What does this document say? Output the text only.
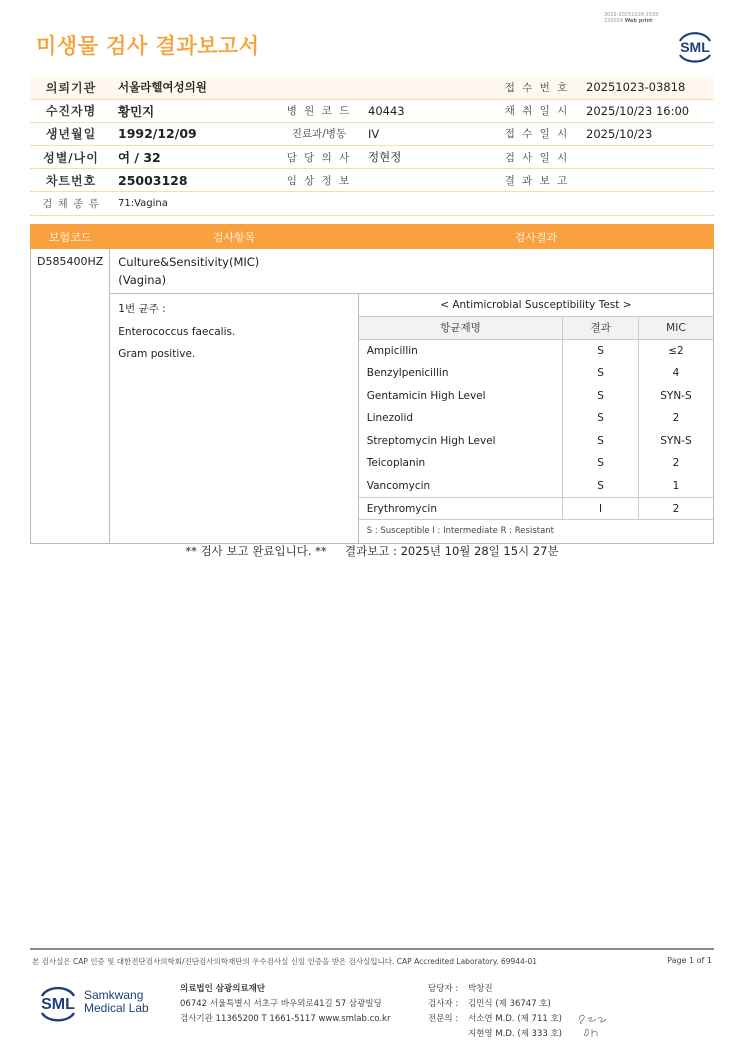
3022-20251028-1530
220024 Web print
미생물 검사 결과보고서	SML
의뢰기관	서울라헬여성의원			접 수 번 호	20251023-03818
수진자명	황민지	병 원 코 드	40443	채 취 일 시	2025/10/23 16:00
생년월일	1992/12/09	진료과/병동	IV	접 수 일 시	2025/10/23
성별/나이	여 / 32	담 당 의 사	정현정	검 사 일 시	
차트번호	25003128	임 상 정 보		결 과 보 고	
검 체 종 류	71:Vagina				
보험코드	검사항목	검사결과
D585400HZ	Culture&Sensitivity(MIC)
(Vagina)

1번 균주 :
Enterococcus faecalis.
Gram positive.

< Antimicrobial Susceptibility Test >
항균제명	결과	MIC
Ampicillin	S	≤2
Benzylpenicillin	S	4
Gentamicin High Level	S	SYN-S
Linezolid	S	2
Streptomycin High Level	S	SYN-S
Teicoplanin	S	2
Vancomycin	S	1
Erythromycin	I	2
S : Susceptible I : Intermediate R : Resistant
** 검사 보고 완료입니다. ** 결과보고 : 2025년 10월 28일 15시 27분
본 검사실은 CAP 인증 및 대한진단검사의학회/진단검사의학재단의 우수검사실 신임 인증을 받은 검사실입니다. CAP Accredited Laboratory. 69944-01	Page 1 of 1
SML
Samkwang
Medical Lab
의료법인 삼광의료재단
06742 서울특별시 서초구 바우뫼로41길 57 삼광빌딩
검사기관 11365200 T 1661-5117 www.smlab.co.kr
담당자 : 박창진
검사자 : 김민식 (제 36747 호)
전문의 : 서소연 M.D. (제 711 호)
지현영 M.D. (제 333 호)
